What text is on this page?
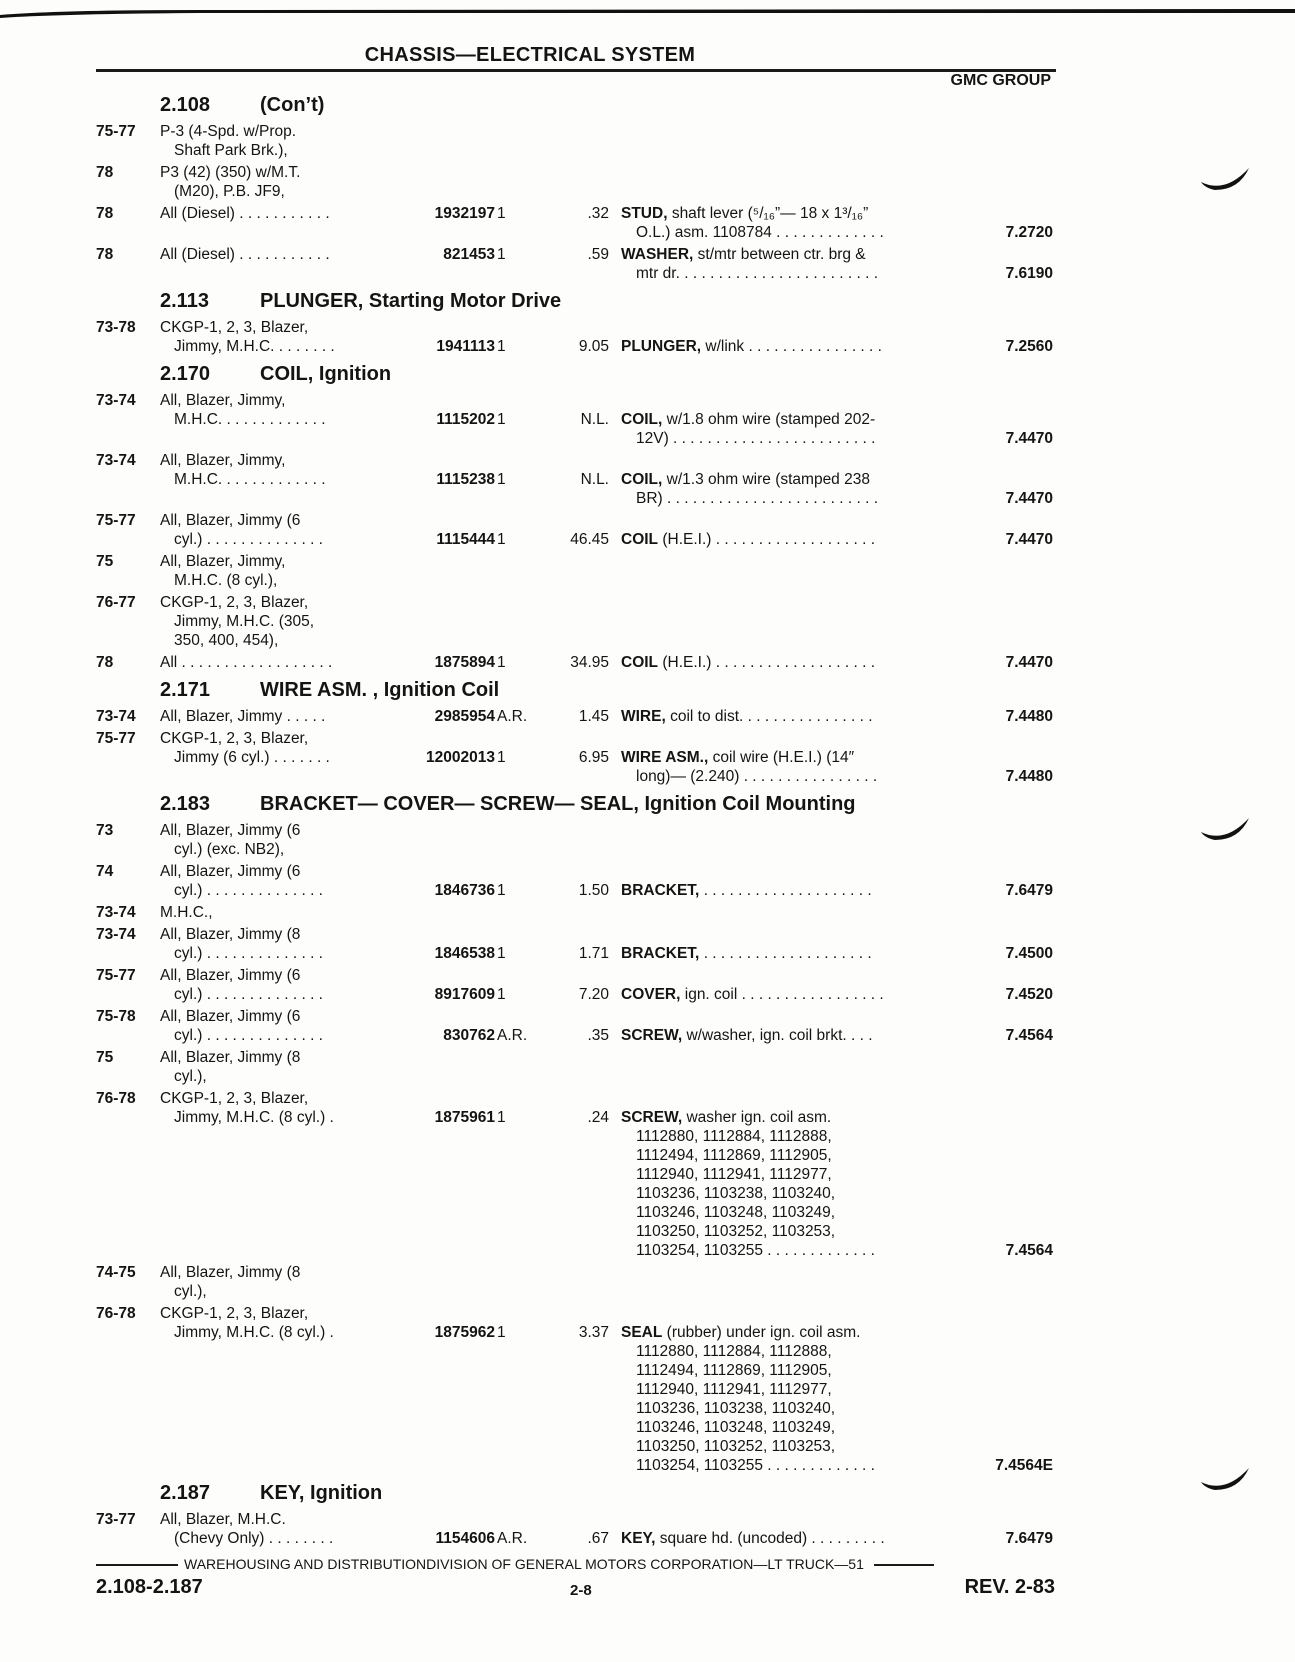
CHASSIS—ELECTRICAL SYSTEM
GMC GROUP
2.108 (Con’t)
75-77 P-3 (4-Spd. w/Prop.
Shaft Park Brk.),
78	P3 (42) (350) w/M.T.
(M20), P.B. JF9,
78	All (Diesel) . . . . . . . . . . .	1932197 1	.32 STUD, shaft lever (⁵/₁₆”— 18 x 1³/₁₆”
O.L.) asm. 1108784 . . . . . . . . . . . . .	7.2720
78	All (Diesel) . . . . . . . . . . .	821453 1	.59 WASHER, st/mtr between ctr. brg &
mtr dr. . . . . . . . . . . . . . . . . . . . . . . .	7.6190
2.113	PLUNGER, Starting Motor Drive
73-78 CKGP-1, 2, 3, Blazer,
Jimmy, M.H.C. . . . . . . .	1941113 1	9.05 PLUNGER, w/link . . . . . . . . . . . . . . . .	7.2560
2.170 COIL, Ignition
73-74 All, Blazer, Jimmy,
M.H.C. . . . . . . . . . . . .	1115202 1	N.L. COIL, w/1.8 ohm wire (stamped 202-
12V) . . . . . . . . . . . . . . . . . . . . . . . .	7.4470
73-74 All, Blazer, Jimmy,
M.H.C. . . . . . . . . . . . .	1115238 1	N.L. COIL, w/1.3 ohm wire (stamped 238
BR) . . . . . . . . . . . . . . . . . . . . . . . . .	7.4470
75-77 All, Blazer, Jimmy (6
cyl.) . . . . . . . . . . . . . .	1115444 1	46.45 COIL (H.E.I.) . . . . . . . . . . . . . . . . . . .	7.4470
75	All, Blazer, Jimmy,
M.H.C. (8 cyl.),
76-77 CKGP-1, 2, 3, Blazer,
Jimmy, M.H.C. (305,
350, 400, 454),
78	All . . . . . . . . . . . . . . . . . .	1875894 1	34.95 COIL (H.E.I.) . . . . . . . . . . . . . . . . . . .	7.4470
2.171 WIRE ASM. , Ignition Coil
73-74 All, Blazer, Jimmy . . . . .	2985954 A.R.	1.45 WIRE, coil to dist. . . . . . . . . . . . . . . .	7.4480
75-77 CKGP-1, 2, 3, Blazer,
Jimmy (6 cyl.) . . . . . . .	12002013 1	6.95 WIRE ASM., coil wire (H.E.I.) (14″
long)— (2.240) . . . . . . . . . . . . . . . .	7.4480
2.183 BRACKET— COVER— SCREW— SEAL, Ignition Coil Mounting
73	All, Blazer, Jimmy (6
cyl.) (exc. NB2),
74	All, Blazer, Jimmy (6
cyl.) . . . . . . . . . . . . . .	1846736 1	1.50 BRACKET, . . . . . . . . . . . . . . . . . . . .	7.6479
73-74 M.H.C.,
73-74 All, Blazer, Jimmy (8
cyl.) . . . . . . . . . . . . . .	1846538 1	1.71 BRACKET, . . . . . . . . . . . . . . . . . . . .	7.4500
75-77 All, Blazer, Jimmy (6
cyl.) . . . . . . . . . . . . . .	8917609 1	7.20 COVER, ign. coil . . . . . . . . . . . . . . . . .	7.4520
75-78 All, Blazer, Jimmy (6
cyl.) . . . . . . . . . . . . . .	830762 A.R.	.35 SCREW, w/washer, ign. coil brkt. . . .	7.4564
75	All, Blazer, Jimmy (8
cyl.),
76-78 CKGP-1, 2, 3, Blazer,
Jimmy, M.H.C. (8 cyl.) .	1875961 1	.24 SCREW, washer ign. coil asm.
1112880, 1112884, 1112888,
1112494, 1112869, 1112905,
1112940, 1112941, 1112977,
1103236, 1103238, 1103240,
1103246, 1103248, 1103249,
1103250, 1103252, 1103253,
1103254, 1103255 . . . . . . . . . . . . .	7.4564
74-75 All, Blazer, Jimmy (8
cyl.),
76-78 CKGP-1, 2, 3, Blazer,
Jimmy, M.H.C. (8 cyl.) .	1875962 1	3.37 SEAL (rubber) under ign. coil asm.
1112880, 1112884, 1112888,
1112494, 1112869, 1112905,
1112940, 1112941, 1112977,
1103236, 1103238, 1103240,
1103246, 1103248, 1103249,
1103250, 1103252, 1103253,
1103254, 1103255 . . . . . . . . . . . . .	7.4564E
2.187 KEY, Ignition
73-77 All, Blazer, M.H.C.
(Chevy Only) . . . . . . . .	1154606 A.R.	.67 KEY, square hd. (uncoded) . . . . . . . . .	7.6479
WAREHOUSING AND DISTRIBUTIONDIVISION OF GENERAL MOTORS CORPORATION—LT TRUCK—51
2.108-2.187	2-8	REV. 2-83
